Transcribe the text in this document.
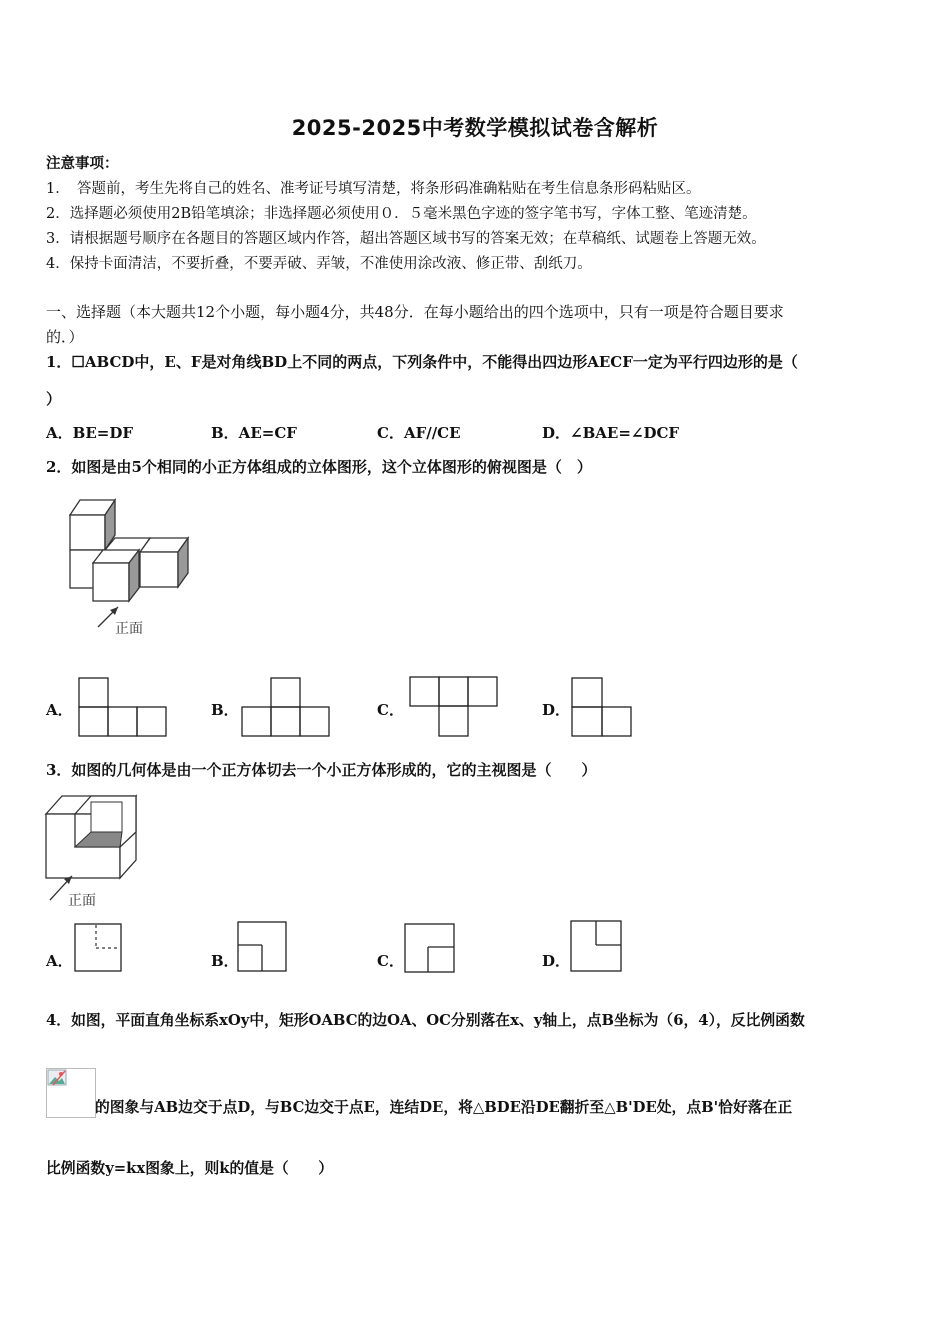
2025-2025中考数学模拟试卷含解析
注意事项：
1．　答题前，考生先将自己的姓名、准考证号填写清楚，将条形码准确粘贴在考生信息条形码粘贴区。
2．选择题必须使用2B铅笔填涂；非选择题必须使用０．５毫米黑色字迹的签字笔书写，字体工整、笔迹清楚。
3．请根据题号顺序在各题目的答题区域内作答，超出答题区域书写的答案无效；在草稿纸、试题卷上答题无效。
4．保持卡面清洁，不要折叠，不要弄破、弄皱，不准使用涂改液、修正带、刮纸刀。
一、选择题（本大题共12个小题，每小题4分，共48分．在每小题给出的四个选项中，只有一项是符合题目要求
的．）
1．☐ABCD中，E、F是对角线BD上不同的两点，下列条件中，不能得出四边形AECF一定为平行四边形的是（
）
A．BE=DF	B．AE=CF	C．AF//CE	D．∠BAE=∠DCF
2．如图是由5个相同的小正方体组成的立体图形，这个立体图形的俯视图是（　）
正面
A．	B．	C．	D．
3．如图的几何体是由一个正方体切去一个小正方体形成的，它的主视图是（　　）
正面
A．	B．	C．	D．
4．如图，平面直角坐标系xOy中，矩形OABC的边OA、OC分别落在x、y轴上，点B坐标为（6，4），反比例函数
的图象与AB边交于点D，与BC边交于点E，连结DE，将△BDE沿DE翻折至△B'DE处，点B'恰好落在正
比例函数y=kx图象上，则k的值是（　　）
